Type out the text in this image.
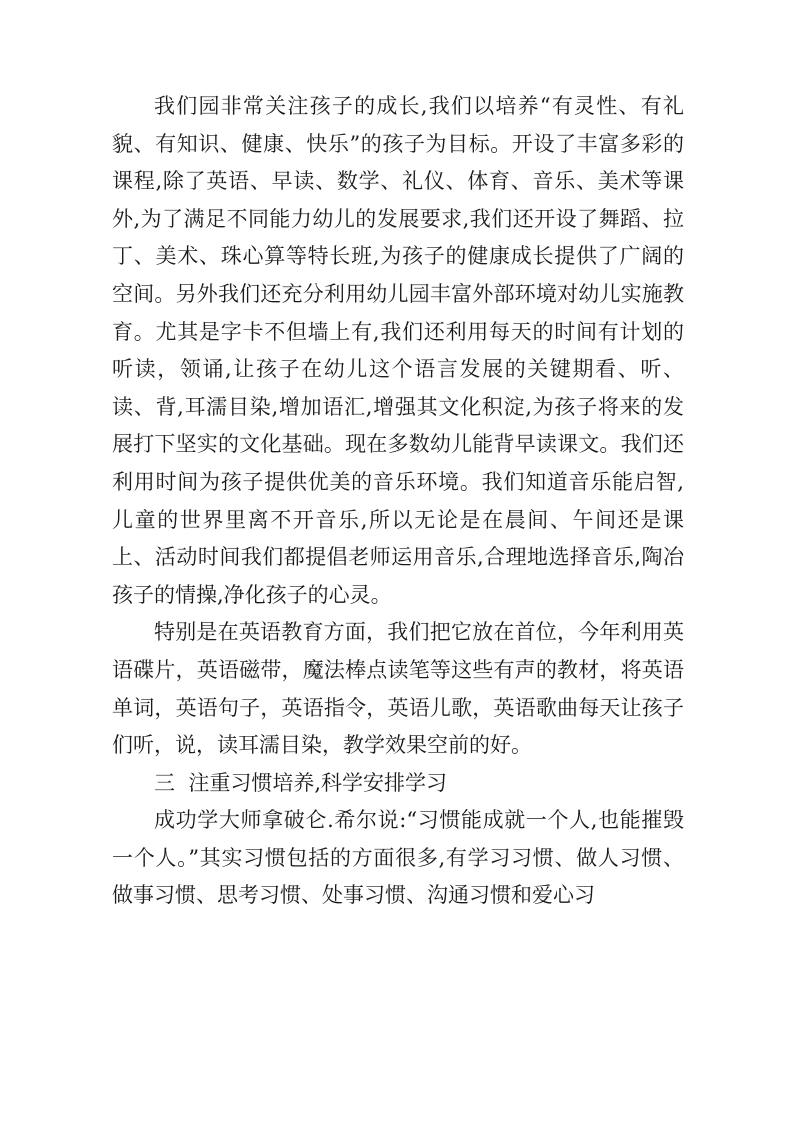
我们园非常关注孩子的成长,我们以培养“有灵性、有礼貌、有知识、健康、快乐”的孩子为目标。开设了丰富多彩的课程,除了英语、早读、数学、礼仪、体育、音乐、美术等课外,为了满足不同能力幼儿的发展要求,我们还开设了舞蹈、拉丁、美术、珠心算等特长班,为孩子的健康成长提供了广阔的空间。另外我们还充分利用幼儿园丰富外部环境对幼儿实施教育。尤其是字卡不但墙上有,我们还利用每天的时间有计划的听读，领诵,让孩子在幼儿这个语言发展的关键期看、听、读、背,耳濡目染,增加语汇,增强其文化积淀,为孩子将来的发展打下坚实的文化基础。现在多数幼儿能背早读课文。我们还利用时间为孩子提供优美的音乐环境。我们知道音乐能启智,儿童的世界里离不开音乐,所以无论是在晨间、午间还是课上、活动时间我们都提倡老师运用音乐,合理地选择音乐,陶冶孩子的情操,净化孩子的心灵。

特别是在英语教育方面，我们把它放在首位，今年利用英语碟片，英语磁带，魔法棒点读笔等这些有声的教材，将英语单词，英语句子，英语指令，英语儿歌，英语歌曲每天让孩子们听，说，读耳濡目染，教学效果空前的好。

三  注重习惯培养,科学安排学习

成功学大师拿破仑.希尔说:“习惯能成就一个人,也能摧毁一个人。”其实习惯包括的方面很多,有学习习惯、做人习惯、做事习惯、思考习惯、处事习惯、沟通习惯和爱心习
